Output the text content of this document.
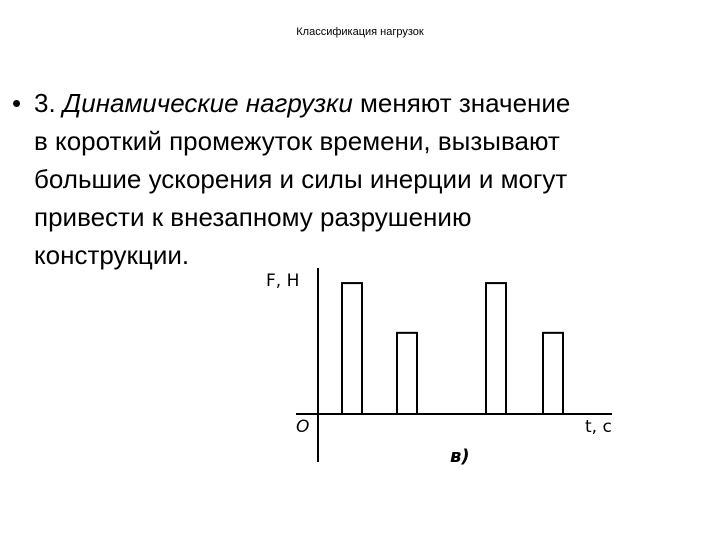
Классификация нагрузок
• 3. Динамические нагрузки меняют значение
в короткий промежуток времени, вызывают
большие ускорения и силы инерции и могут
привести к внезапному разрушению
конструкции.
F, Н
O	t, c
в)
